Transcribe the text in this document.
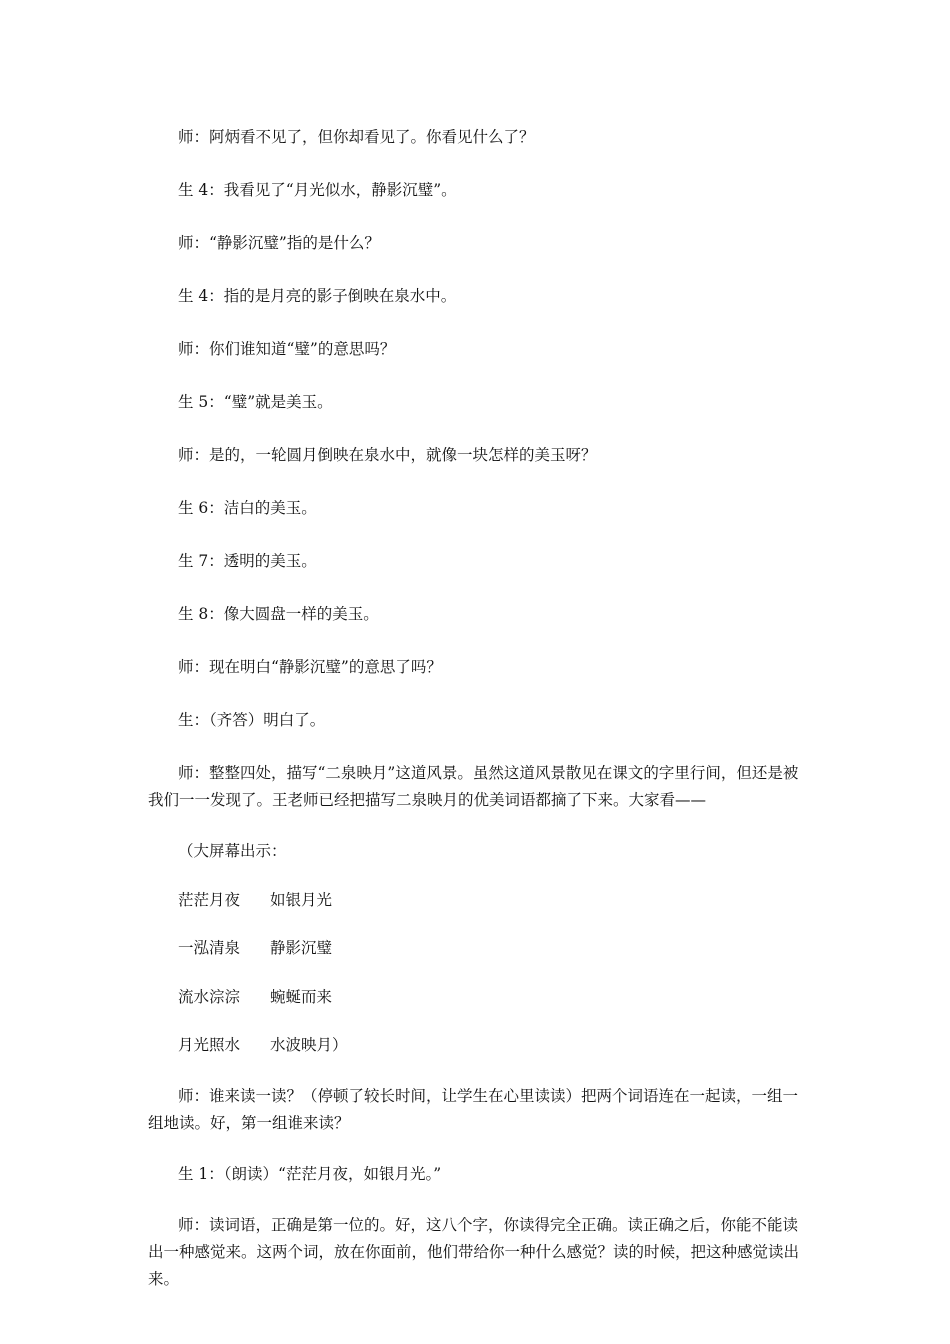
师：阿炳看不见了，但你却看见了。你看见什么了？

生 4：我看见了“月光似水，静影沉璧”。

师：“静影沉璧”指的是什么？

生 4：指的是月亮的影子倒映在泉水中。

师：你们谁知道“璧”的意思吗？

生 5：“璧”就是美玉。

师：是的，一轮圆月倒映在泉水中，就像一块怎样的美玉呀？

生 6：洁白的美玉。

生 7：透明的美玉。

生 8：像大圆盘一样的美玉。

师：现在明白“静影沉璧”的意思了吗？

生：（齐答）明白了。

师：整整四处，描写“二泉映月”这道风景。虽然这道风景散见在课文的字里行间，但还是被我们一一发现了。王老师已经把描写二泉映月的优美词语都摘了下来。大家看——

（大屏幕出示：

茫茫月夜 如银月光
一泓清泉 静影沉璧
流水淙淙 蜿蜒而来
月光照水 水波映月）

师：谁来读一读？（停顿了较长时间，让学生在心里读读）把两个词语连在一起读，一组一组地读。好，第一组谁来读？

生 1：（朗读）“茫茫月夜，如银月光。”

师：读词语，正确是第一位的。好，这八个字，你读得完全正确。读正确之后，你能不能读出一种感觉来。这两个词，放在你面前，他们带给你一种什么感觉？读的时候，把这种感觉读出来。
